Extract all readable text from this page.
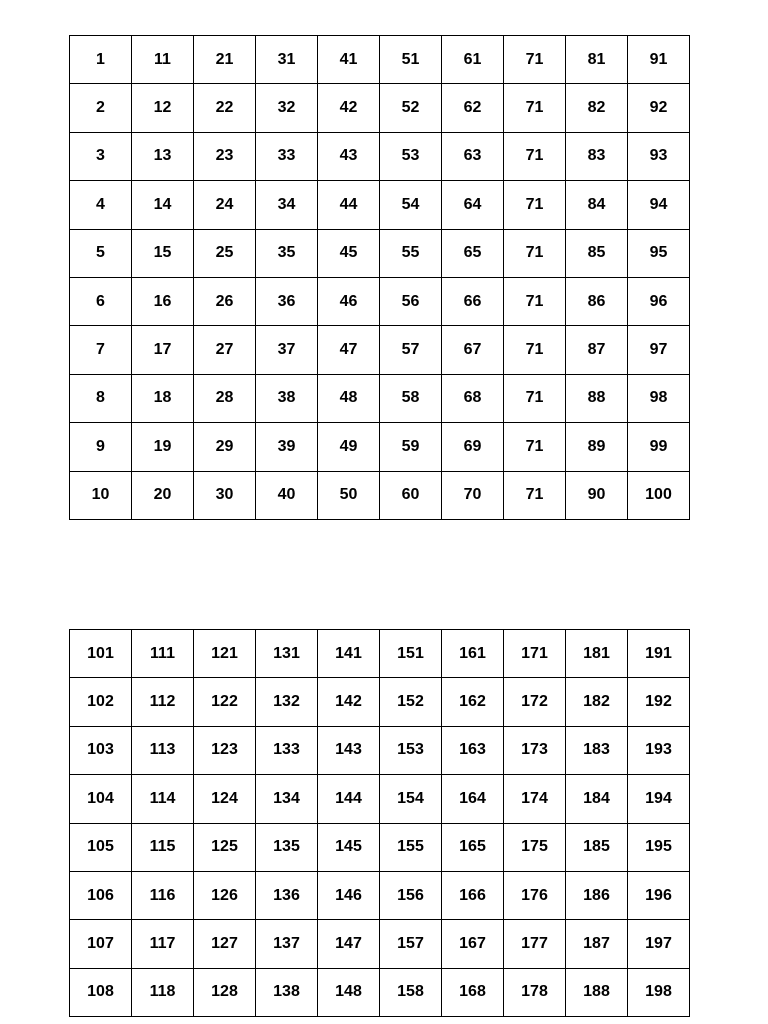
1	11	21	31	41	51	61	71	81	91
2	12	22	32	42	52	62	71	82	92
3	13	23	33	43	53	63	71	83	93
4	14	24	34	44	54	64	71	84	94
5	15	25	35	45	55	65	71	85	95
6	16	26	36	46	56	66	71	86	96
7	17	27	37	47	57	67	71	87	97
8	18	28	38	48	58	68	71	88	98
9	19	29	39	49	59	69	71	89	99
10	20	30	40	50	60	70	71	90	100
101	111	121	131	141	151	161	171	181	191
102	112	122	132	142	152	162	172	182	192
103	113	123	133	143	153	163	173	183	193
104	114	124	134	144	154	164	174	184	194
105	115	125	135	145	155	165	175	185	195
106	116	126	136	146	156	166	176	186	196
107	117	127	137	147	157	167	177	187	197
108	118	128	138	148	158	168	178	188	198
